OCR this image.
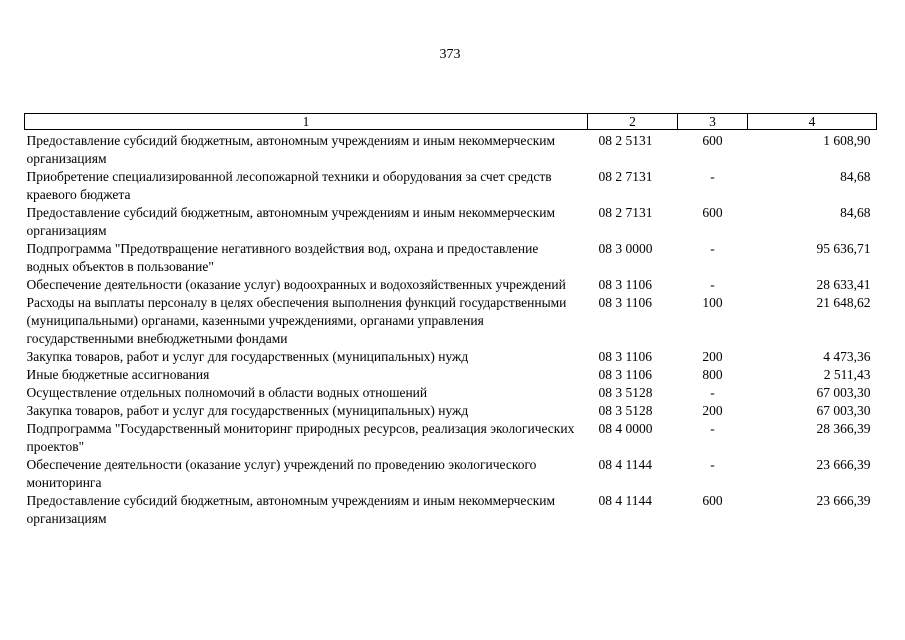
373
1	2	3	4
Предоставление субсидий бюджетным, автономным учреждениям и иным некоммерческим организациям	08 2 5131	600	1 608,90
Приобретение специализированной лесопожарной техники и оборудования за счет средств краевого бюджета	08 2 7131	-	84,68
Предоставление субсидий бюджетным, автономным учреждениям и иным некоммерческим организациям	08 2 7131	600	84,68
Подпрограмма "Предотвращение негативного воздействия вод, охрана и предоставление водных объектов в пользование"	08 3 0000	-	95 636,71
Обеспечение деятельности (оказание услуг) водоохранных и водохозяйственных учреждений	08 3 1106	-	28 633,41
Расходы на выплаты персоналу в целях обеспечения выполнения функций государственными (муниципальными) органами, казенными учреждениями, органами управления государственными внебюджетными фондами	08 3 1106	100	21 648,62
Закупка товаров, работ и услуг для государственных (муниципальных) нужд	08 3 1106	200	4 473,36
Иные бюджетные ассигнования	08 3 1106	800	2 511,43
Осуществление отдельных полномочий в области водных отношений	08 3 5128	-	67 003,30
Закупка товаров, работ и услуг для государственных (муниципальных) нужд	08 3 5128	200	67 003,30
Подпрограмма "Государственный мониторинг природных ресурсов, реализация экологических проектов"	08 4 0000	-	28 366,39
Обеспечение деятельности (оказание услуг) учреждений по проведению экологического мониторинга	08 4 1144	-	23 666,39
Предоставление субсидий бюджетным, автономным учреждениям и иным некоммерческим организациям	08 4 1144	600	23 666,39
